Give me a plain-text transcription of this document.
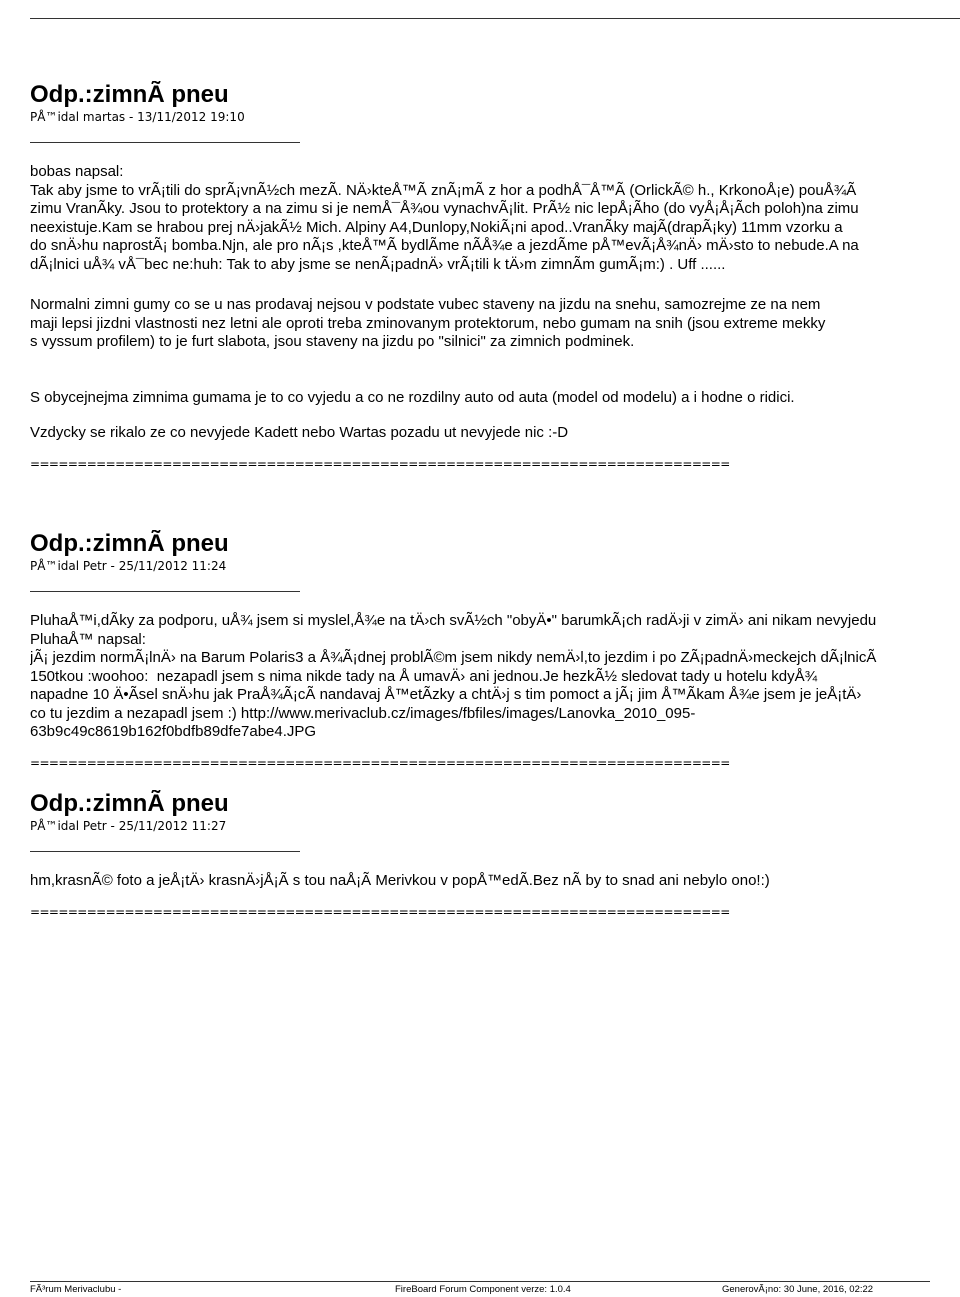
Odp.:zimnÃ pneu

PÅ™idal martas - 13/11/2012 19:10

bobas napsal:

Tak aby jsme to vrÃ¡tili do sprÃ¡vnÃ½ch mezÃ. NÄ›kteÅ™Ã znÃ¡mÃ z hor a podhÅ¯Å™Ã (OrlickÃ© h., KrkonoÅ¡e) pouÅ¾Ã

zimu VranÃky. Jsou to protektory a na zimu si je nemÅ¯Å¾ou vynachvÃ¡lit. PrÃ½ nic lepÅ¡Ãho (do vyÅ¡Å¡Ãch poloh)na zimu

neexistuje.Kam se hrabou prej nÄ›jakÃ½ Mich. Alpiny A4,Dunlopy,NokiÃ¡ni apod..VranÃky majÃ(drapÃ¡ky) 11mm vzorku a

do snÄ›hu naprostÃ¡ bomba.Njn, ale pro nÃ¡s ,kteÅ™Ã bydlÃme nÃÅ¾e a jezdÃme pÅ™evÃ¡Å¾nÄ› mÄ›sto to nebude.A na

dÃ¡lnici uÅ¾ vÅ¯bec ne:huh: Tak to aby jsme se nenÃ¡padnÄ› vrÃ¡tili k tÄ›m zimnÃm gumÃ¡m:) . Uff ......

Normalni zimni gumy co se u nas prodavaj nejsou v podstate vubec staveny na jizdu na snehu, samozrejme ze na nem

maji lepsi jizdni vlastnosti nez letni ale oproti treba zminovanym protektorum, nebo gumam na snih (jsou extreme mekky

s vyssum profilem) to je furt slabota, jsou staveny na jizdu po "silnici" za zimnich podminek.

S obycejnejma zimnima gumama je to co vyjedu a co ne rozdilny auto od auta (model od modelu) a i hodne o ridici.

Vzdycky se rikalo ze co nevyjede Kadett nebo Wartas pozadu ut nevyjede nic :-D

==========================================================================

Odp.:zimnÃ pneu

PÅ™idal Petr - 25/11/2012 11:24

PluhaÅ™i,dÃky za podporu, uÅ¾ jsem si myslel,Å¾e na tÄ›ch svÃ½ch "obyÄ•" barumkÃ¡ch radÄ›ji v zimÄ› ani nikam nevyjedu

PluhaÅ™ napsal:

jÃ¡ jezdim normÃ¡lnÄ› na Barum Polaris3 a Å¾Ã¡dnej problÃ©m jsem nikdy nemÄ›l,to jezdim i po ZÃ¡padnÄ›meckejch dÃ¡lnicÃ

150tkou :woohoo:  nezapadl jsem s nima nikde tady na Å umavÄ› ani jednou.Je hezkÃ½ sledovat tady u hotelu kdyÅ¾

napadne 10 Ä•Ãsel snÄ›hu jak PraÅ¾Ã¡cÃ nandavaj Å™etÃzky a chtÄ›j s tim pomoct a jÃ¡ jim Å™Ãkam Å¾e jsem je jeÅ¡tÄ›

co tu jezdim a nezapadl jsem :) http://www.merivaclub.cz/images/fbfiles/images/Lanovka_2010_095-

63b9c49c8619b162f0bdfb89dfe7abe4.JPG

==========================================================================

Odp.:zimnÃ pneu

PÅ™idal Petr - 25/11/2012 11:27

hm,krasnÃ© foto a jeÅ¡tÄ› krasnÄ›jÅ¡Ã s tou naÅ¡Ã Merivkou v popÅ™edÃ.Bez nÃ by to snad ani nebylo ono!:)

==========================================================================

FÃ³rum Merivaclubu -	FireBoard Forum Component verze: 1.0.4	GenerovÃ¡no: 30 June, 2016, 02:22
